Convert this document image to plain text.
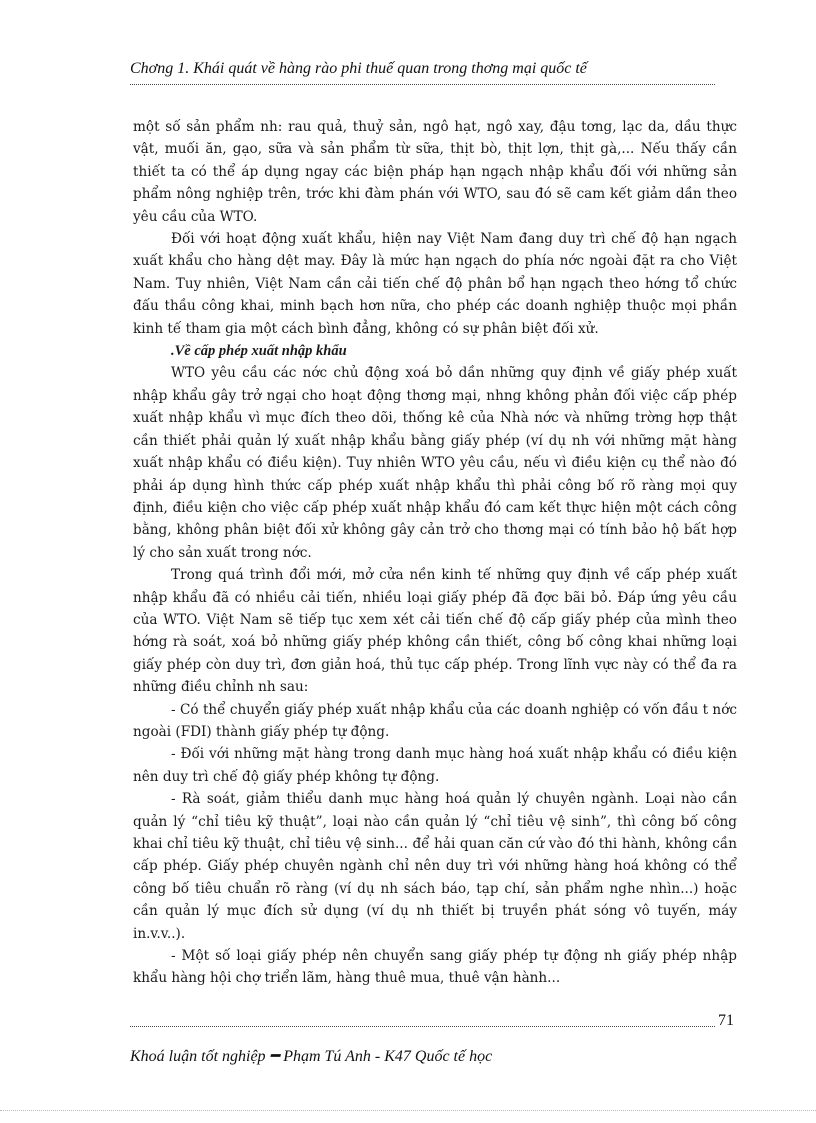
Chơng 1. Khái quát về hàng rào phi thuế quan trong thơng mại quốc tế

một số sản phẩm nh: rau quả, thuỷ sản, ngô hạt, ngô xay, đậu tơng, lạc da, dầu thực vật, muối ăn, gạo, sữa và sản phẩm từ sữa, thịt bò, thịt lợn, thịt gà,... Nếu thấy cần thiết ta có thể áp dụng ngay các biện pháp hạn ngạch nhập khẩu đối với những sản phẩm nông nghiệp trên, trớc khi đàm phán với WTO, sau đó sẽ cam kết giảm dần theo yêu cầu của WTO.

Đối với hoạt động xuất khẩu, hiện nay Việt Nam đang duy trì chế độ hạn ngạch xuất khẩu cho hàng dệt may. Đây là mức hạn ngạch do phía nớc ngoài đặt ra cho Việt Nam. Tuy nhiên, Việt Nam cần cải tiến chế độ phân bổ hạn ngạch theo hớng tổ chức đấu thầu công khai, minh bạch hơn nữa, cho phép các doanh nghiệp thuộc mọi phần kinh tế tham gia một cách bình đẳng, không có sự phân biệt đối xử.

.Về cấp phép xuất nhập khẩu

WTO yêu cầu các nớc chủ động xoá bỏ dần những quy định về giấy phép xuất nhập khẩu gây trở ngại cho hoạt động thơng mại, nhng không phản đối việc cấp phép xuất nhập khẩu vì mục đích theo dõi, thống kê của Nhà nớc và những trờng hợp thật cần thiết phải quản lý xuất nhập khẩu bằng giấy phép (ví dụ nh với những mặt hàng xuất nhập khẩu có điều kiện). Tuy nhiên WTO yêu cầu, nếu vì điều kiện cụ thể nào đó phải áp dụng hình thức cấp phép xuất nhập khẩu thì phải công bố rõ ràng mọi quy định, điều kiện cho việc cấp phép xuất nhập khẩu đó cam kết thực hiện một cách công bằng, không phân biệt đối xử không gây cản trở cho thơng mại có tính bảo hộ bất hợp lý cho sản xuất trong nớc.

Trong quá trình đổi mới, mở cửa nền kinh tế những quy định về cấp phép xuất nhập khẩu đã có nhiều cải tiến, nhiều loại giấy phép đã đợc bãi bỏ. Đáp ứng yêu cầu của WTO. Việt Nam sẽ tiếp tục xem xét cải tiến chế độ cấp giấy phép của mình theo hớng rà soát, xoá bỏ những giấy phép không cần thiết, công bố công khai những loại giấy phép còn duy trì, đơn giản hoá, thủ tục cấp phép. Trong lĩnh vực này có thể đa ra những điều chỉnh nh sau:

- Có thể chuyển giấy phép xuất nhập khẩu của các doanh nghiệp có vốn đầu t nớc ngoài (FDI) thành giấy phép tự động.

- Đối với những mặt hàng trong danh mục hàng hoá xuất nhập khẩu có điều kiện nên duy trì chế độ giấy phép không tự động.

- Rà soát, giảm thiểu danh mục hàng hoá quản lý chuyên ngành. Loại nào cần quản lý “chỉ tiêu kỹ thuật”, loại nào cần quản lý “chỉ tiêu vệ sinh”, thì công bố công khai chỉ tiêu kỹ thuật, chỉ tiêu vệ sinh... để hải quan căn cứ vào đó thi hành, không cần cấp phép. Giấy phép chuyên ngành chỉ nên duy trì với những hàng hoá không có thể công bố tiêu chuẩn rõ ràng (ví dụ nh sách báo, tạp chí, sản phẩm nghe nhìn...) hoặc cần quản lý mục đích sử dụng (ví dụ nh thiết bị truyền phát sóng vô tuyến, máy in.v.v..).

- Một số loại giấy phép nên chuyển sang giấy phép tự động nh giấy phép nhập khẩu hàng hội chợ triển lãm, hàng thuê mua, thuê vận hành...

71
Khoá luận tốt nghiệp ━ Phạm Tú Anh - K47 Quốc tế học
